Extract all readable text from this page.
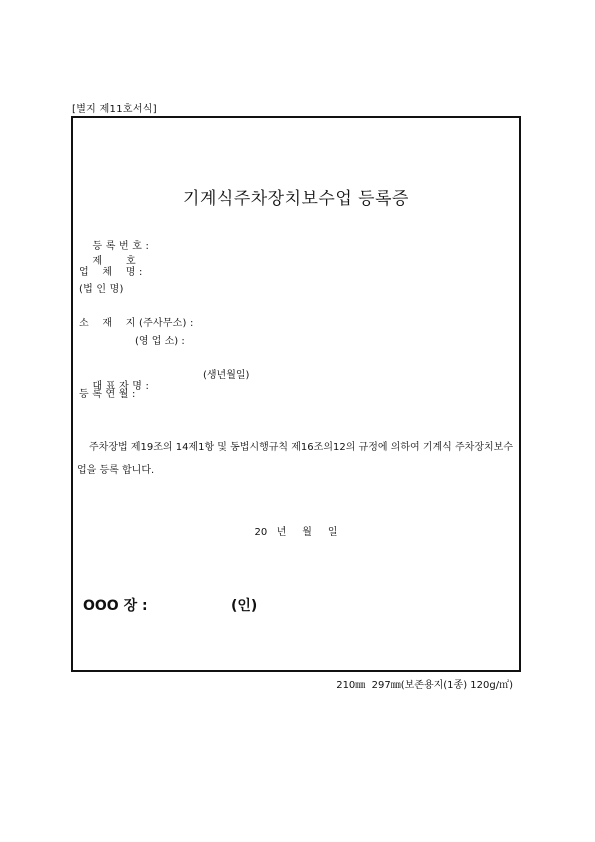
[별지 제11호서식]
기계식주차장치보수업 등록증

등 록 번 호 :
제       호

업    체    명 :
(법 인 명)
소    재    지 (주사무소) :
(영 업 소) :

대 표 자 명 :

(생년월일)
등 록 연 월 :
주차장법 제19조의 14제1항 및 동법시행규칙 제16조의12의 규정에 의하여 기계식 주차장치보수업을 등록 합니다.
20   년     월     일
OOO 장 :	(인)
210㎜  297㎜(보존용지(1종) 120g/㎡)
